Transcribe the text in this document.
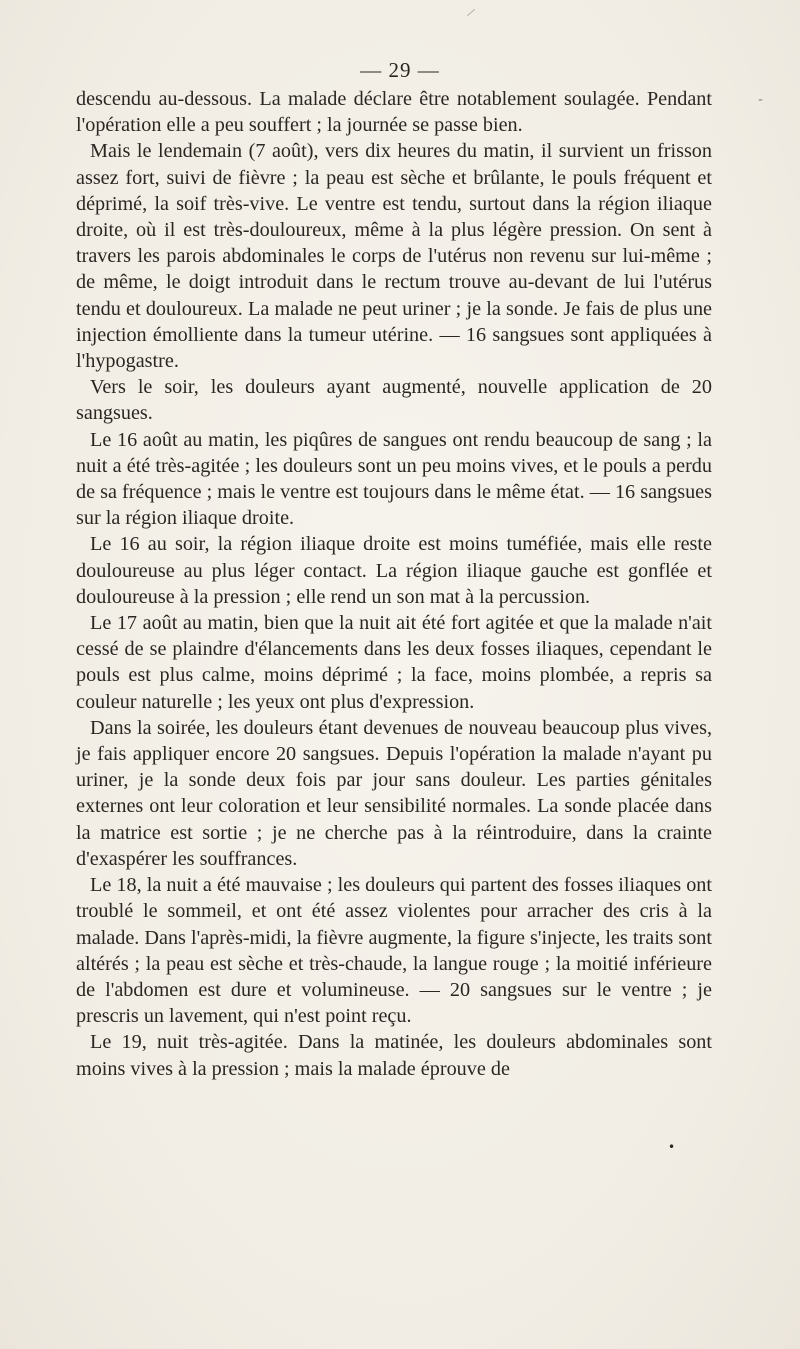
— 29 —

descendu au-dessous. La malade déclare être notablement soulagée. Pendant l'opération elle a peu souffert ; la journée se passe bien.

Mais le lendemain (7 août), vers dix heures du matin, il survient un frisson assez fort, suivi de fièvre ; la peau est sèche et brûlante, le pouls fréquent et déprimé, la soif très-vive. Le ventre est tendu, surtout dans la région iliaque droite, où il est très-douloureux, même à la plus légère pression. On sent à travers les parois abdominales le corps de l'utérus non revenu sur lui-même ; de même, le doigt introduit dans le rectum trouve au-devant de lui l'utérus tendu et douloureux. La malade ne peut uriner ; je la sonde. Je fais de plus une injection émolliente dans la tumeur utérine. — 16 sangsues sont appliquées à l'hypogastre.

Vers le soir, les douleurs ayant augmenté, nouvelle application de 20 sangsues.

Le 16 août au matin, les piqûres de sangues ont rendu beaucoup de sang ; la nuit a été très-agitée ; les douleurs sont un peu moins vives, et le pouls a perdu de sa fréquence ; mais le ventre est toujours dans le même état. — 16 sangsues sur la région iliaque droite.

Le 16 au soir, la région iliaque droite est moins tuméfiée, mais elle reste douloureuse au plus léger contact. La région iliaque gauche est gonflée et douloureuse à la pression ; elle rend un son mat à la percussion.

Le 17 août au matin, bien que la nuit ait été fort agitée et que la malade n'ait cessé de se plaindre d'élancements dans les deux fosses iliaques, cependant le pouls est plus calme, moins déprimé ; la face, moins plombée, a repris sa couleur naturelle ; les yeux ont plus d'expression.

Dans la soirée, les douleurs étant devenues de nouveau beaucoup plus vives, je fais appliquer encore 20 sangsues. Depuis l'opération la malade n'ayant pu uriner, je la sonde deux fois par jour sans douleur. Les parties génitales externes ont leur coloration et leur sensibilité normales. La sonde placée dans la matrice est sortie ; je ne cherche pas à la réintroduire, dans la crainte d'exaspérer les souffrances.

Le 18, la nuit a été mauvaise ; les douleurs qui partent des fosses iliaques ont troublé le sommeil, et ont été assez violentes pour arracher des cris à la malade. Dans l'après-midi, la fièvre augmente, la figure s'injecte, les traits sont altérés ; la peau est sèche et très-chaude, la langue rouge ; la moitié inférieure de l'abdomen est dure et volumineuse. — 20 sangsues sur le ventre ; je prescris un lavement, qui n'est point reçu.

Le 19, nuit très-agitée. Dans la matinée, les douleurs abdominales sont moins vives à la pression ; mais la malade éprouve de

-
•
